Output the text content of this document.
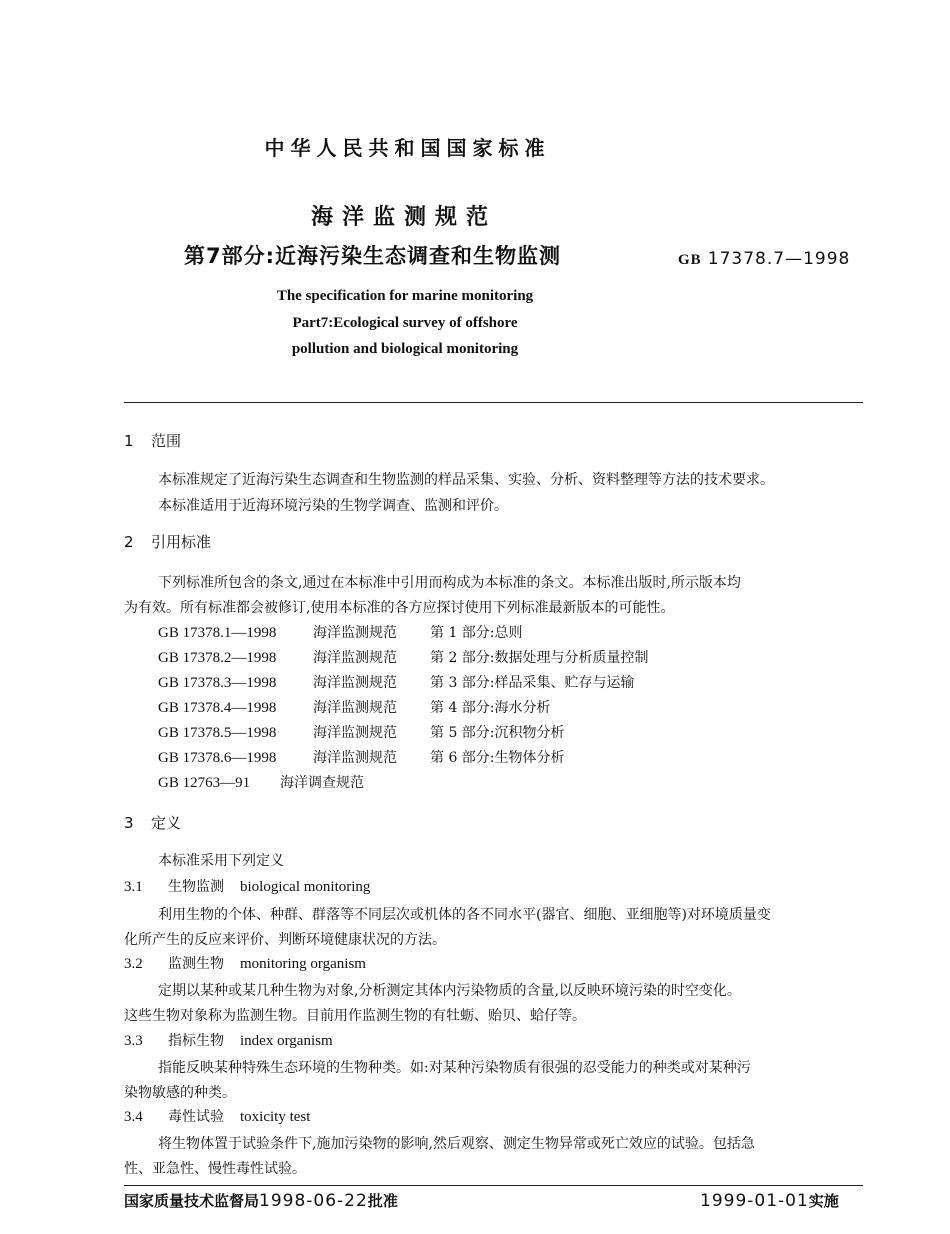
中华人民共和国国家标准
海洋监测规范
第7部分:近海污染生态调查和生物监测	GB 17378.7—1998
The specification for marine monitoring
Part7:Ecological survey of offshore
pollution and biological monitoring
1 范围
本标准规定了近海污染生态调查和生物监测的样品采集、实验、分析、资料整理等方法的技术要求。
本标准适用于近海环境污染的生物学调查、监测和评价。
2 引用标准
下列标准所包含的条文,通过在本标准中引用而构成为本标准的条文。本标准出版时,所示版本均
为有效。所有标准都会被修订,使用本标准的各方应探讨使用下列标准最新版本的可能性。
GB 17378.1—1998	海洋监测规范 第 1 部分:总则
GB 17378.2—1998	海洋监测规范 第 2 部分:数据处理与分析质量控制
GB 17378.3—1998	海洋监测规范 第 3 部分:样品采集、贮存与运输
GB 17378.4—1998	海洋监测规范 第 4 部分:海水分析
GB 17378.5—1998	海洋监测规范 第 5 部分:沉积物分析
GB 17378.6—1998	海洋监测规范 第 6 部分:生物体分析
GB 12763—91 海洋调查规范
3 定义
本标准采用下列定义
3.1 生物监测 biological monitoring
利用生物的个体、种群、群落等不同层次或机体的各不同水平(器官、细胞、亚细胞等)对环境质量变
化所产生的反应来评价、判断环境健康状况的方法。
3.2 监测生物 monitoring organism
定期以某种或某几种生物为对象,分析测定其体内污染物质的含量,以反映环境污染的时空变化。
这些生物对象称为监测生物。目前用作监测生物的有牡蛎、贻贝、蛤仔等。
3.3 指标生物 index organism
指能反映某种特殊生态环境的生物种类。如:对某种污染物质有很强的忍受能力的种类或对某种污
染物敏感的种类。
3.4 毒性试验 toxicity test
将生物体置于试验条件下,施加污染物的影响,然后观察、测定生物异常或死亡效应的试验。包括急
性、亚急性、慢性毒性试验。
国家质量技术监督局1998-06-22批准	1999-01-01实施
